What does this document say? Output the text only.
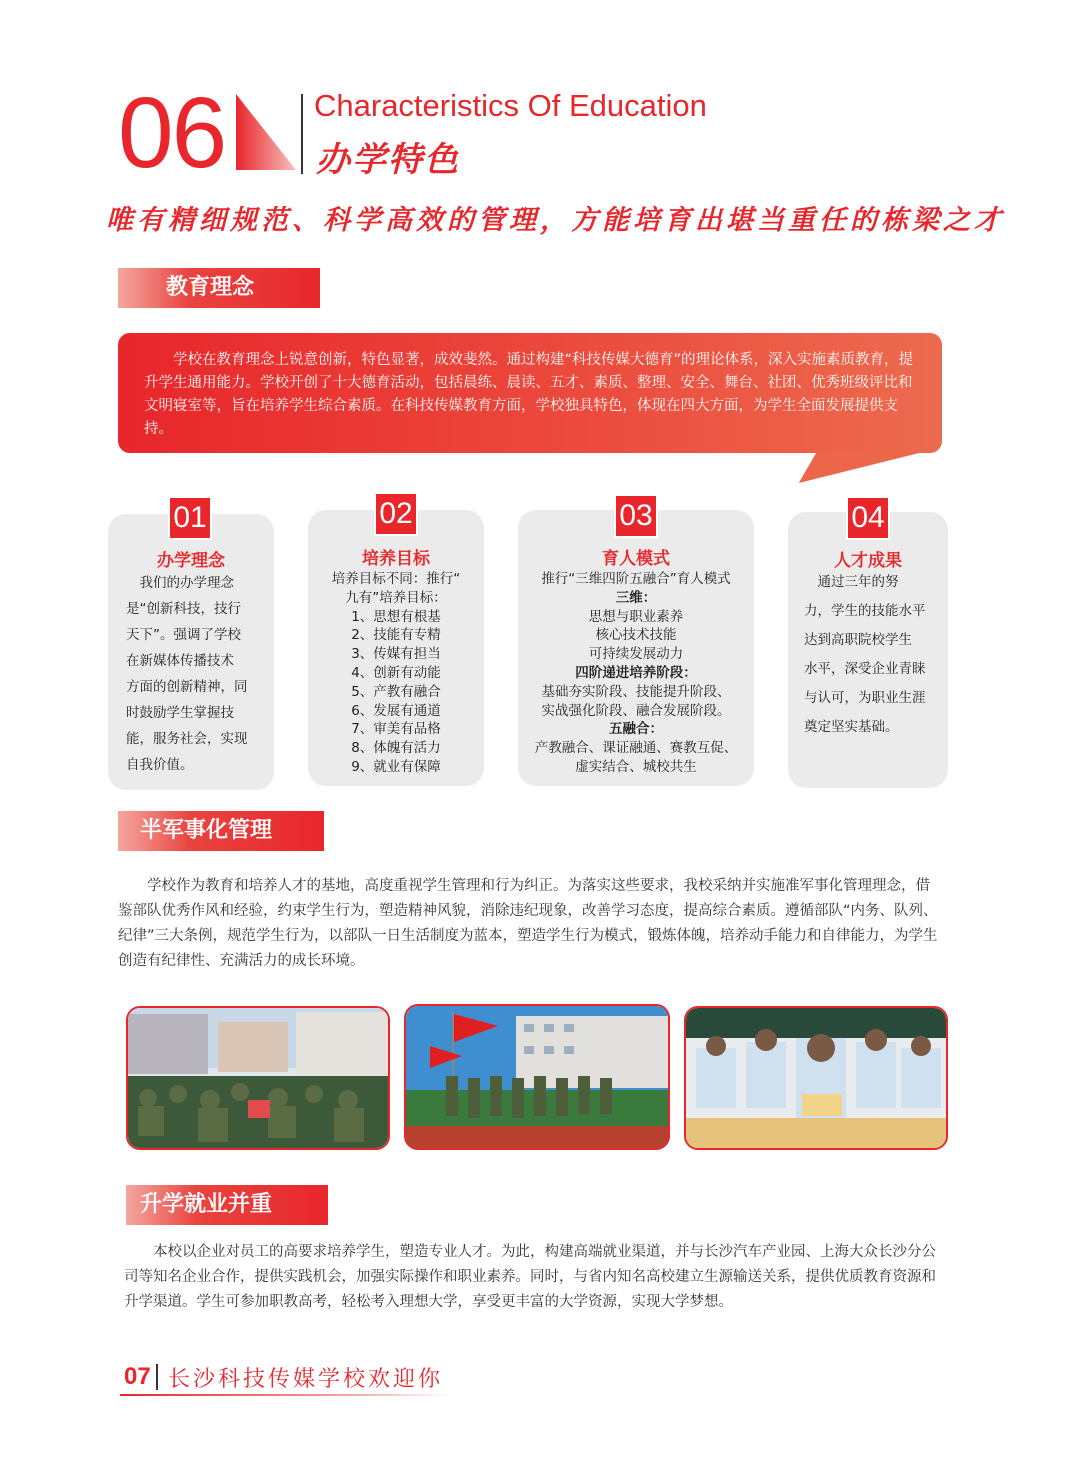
06	Characteristics Of Education
办学特色
唯有精细规范、科学高效的管理，方能培育出堪当重任的栋梁之才
教育理念
　　学校在教育理念上锐意创新，特色显著，成效斐然。通过构建“科技传媒大德育”的理论体系，深入实施素质教育，提升学生通用能力。学校开创了十大德育活动，包括晨练、晨读、五才、素质、整理、安全、舞台、社团、优秀班级评比和文明寝室等，旨在培养学生综合素质。在科技传媒教育方面，学校独具特色，体现在四大方面，为学生全面发展提供支持。
01
办学理念
　我们的办学理念
是“创新科技，技行
天下”。强调了学校
在新媒体传播技术
方面的创新精神，同
时鼓励学生掌握技
能，服务社会，实现
自我价值。
02
培养目标
培养目标不同：推行“
九有”培养目标：
1、思想有根基
2、技能有专精
3、传媒有担当
4、创新有动能
5、产教有融合
6、发展有通道
7、审美有品格
8、体魄有活力
9、就业有保障
03
育人模式
推行“三维四阶五融合”育人模式
三维：
思想与职业素养
核心技术技能
可持续发展动力
四阶递进培养阶段：
基础夯实阶段、技能提升阶段、
实战强化阶段、融合发展阶段。
五融合：
产教融合、课证融通、赛教互促、
虚实结合、城校共生
04
人才成果
　通过三年的努
力，学生的技能水平
达到高职院校学生
水平，深受企业青睐
与认可，为职业生涯
奠定坚实基础。
半军事化管理
　　学校作为教育和培养人才的基地，高度重视学生管理和行为纠正。为落实这些要求，我校采纳并实施准军事化管理理念，借鉴部队优秀作风和经验，约束学生行为，塑造精神风貌，消除违纪现象，改善学习态度，提高综合素质。遵循部队“内务、队列、纪律”三大条例，规范学生行为，以部队一日生活制度为蓝本，塑造学生行为模式，锻炼体魄，培养动手能力和自律能力，为学生创造有纪律性、充满活力的成长环境。
升学就业并重
　　本校以企业对员工的高要求培养学生，塑造专业人才。为此，构建高端就业渠道，并与长沙汽车产业园、上海大众长沙分公司等知名企业合作，提供实践机会，加强实际操作和职业素养。同时，与省内知名高校建立生源输送关系，提供优质教育资源和升学渠道。学生可参加职教高考，轻松考入理想大学，享受更丰富的大学资源，实现大学梦想。
07 长沙科技传媒学校欢迎你
